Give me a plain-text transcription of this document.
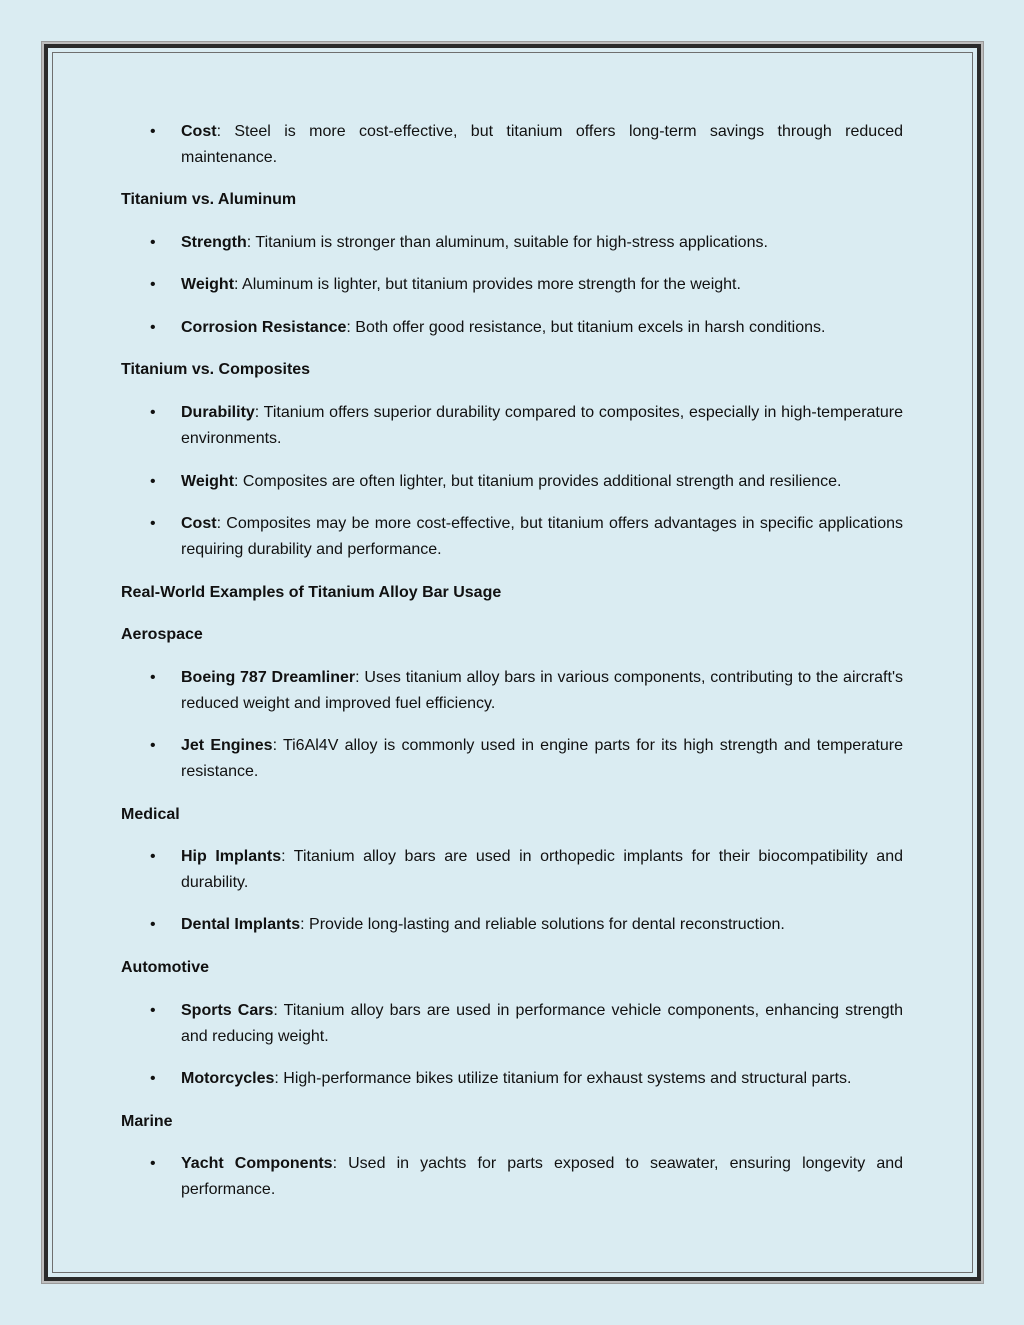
• Cost: Steel is more cost-effective, but titanium offers long-term savings through reduced maintenance.
Titanium vs. Aluminum
• Strength: Titanium is stronger than aluminum, suitable for high-stress applications.
• Weight: Aluminum is lighter, but titanium provides more strength for the weight.
• Corrosion Resistance: Both offer good resistance, but titanium excels in harsh conditions.
Titanium vs. Composites
• Durability: Titanium offers superior durability compared to composites, especially in high-temperature environments.
• Weight: Composites are often lighter, but titanium provides additional strength and resilience.
• Cost: Composites may be more cost-effective, but titanium offers advantages in specific applications requiring durability and performance.
Real-World Examples of Titanium Alloy Bar Usage
Aerospace
• Boeing 787 Dreamliner: Uses titanium alloy bars in various components, contributing to the aircraft's reduced weight and improved fuel efficiency.
• Jet Engines: Ti6Al4V alloy is commonly used in engine parts for its high strength and temperature resistance.
Medical
• Hip Implants: Titanium alloy bars are used in orthopedic implants for their biocompatibility and durability.
• Dental Implants: Provide long-lasting and reliable solutions for dental reconstruction.
Automotive
• Sports Cars: Titanium alloy bars are used in performance vehicle components, enhancing strength and reducing weight.
• Motorcycles: High-performance bikes utilize titanium for exhaust systems and structural parts.
Marine
• Yacht Components: Used in yachts for parts exposed to seawater, ensuring longevity and performance.
